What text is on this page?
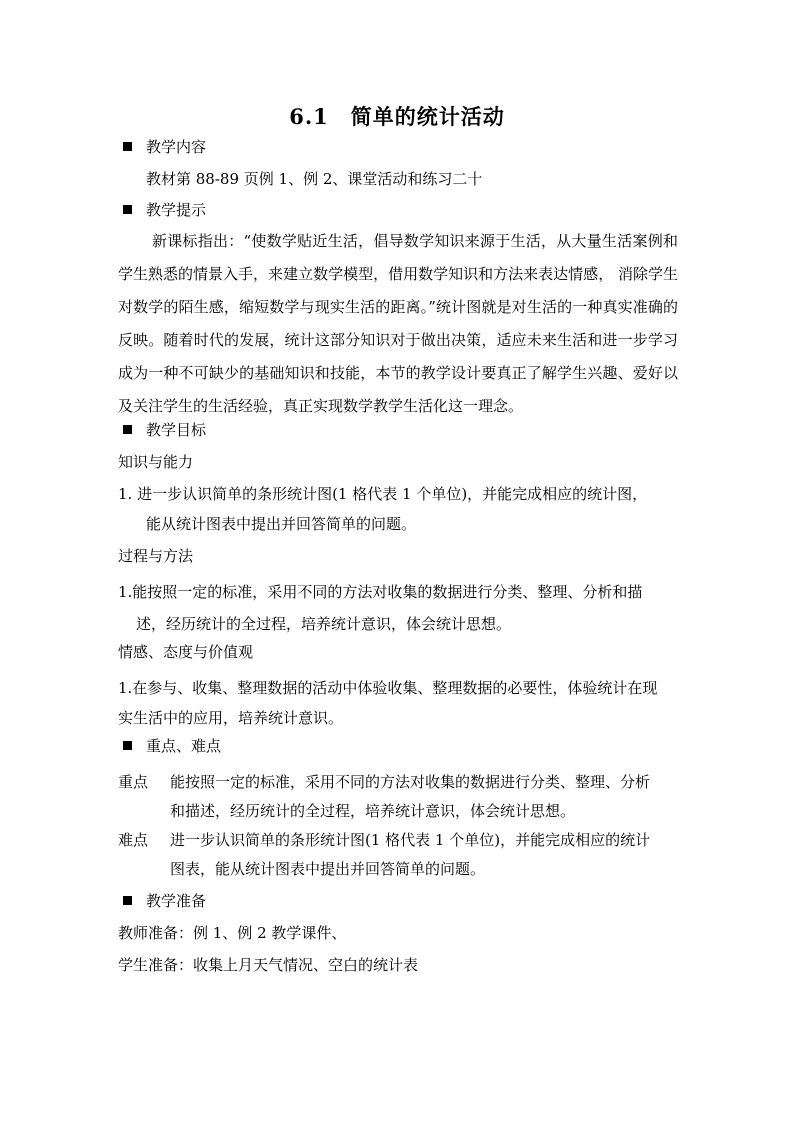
6.1　简单的统计活动
教学内容
教材第 88-89 页例 1、例 2、课堂活动和练习二十
教学提示
新课标指出：“使数学贴近生活，倡导数学知识来源于生活，从大量生活案例和学生熟悉的情景入手，来建立数学模型，借用数学知识和方法来表达情感， 消除学生对数学的陌生感，缩短数学与现实生活的距离。”统计图就是对生活的一种真实准确的反映。随着时代的发展，统计这部分知识对于做出决策，适应未来生活和进一步学习成为一种不可缺少的基础知识和技能，本节的教学设计要真正了解学生兴趣、爱好以及关注学生的生活经验，真正实现数学教学生活化这一理念。
教学目标
知识与能力
1. 进一步认识简单的条形统计图(1 格代表 1 个单位)，并能完成相应的统计图，
能从统计图表中提出并回答简单的问题。
过程与方法
1.能按照一定的标准，采用不同的方法对收集的数据进行分类、整理、分析和描
述，经历统计的全过程，培养统计意识，体会统计思想。
情感、态度与价值观
1.在参与、收集、整理数据的活动中体验收集、整理数据的必要性，体验统计在现
实生活中的应用，培养统计意识。
重点、难点
重点 能按照一定的标准，采用不同的方法对收集的数据进行分类、整理、分析
和描述，经历统计的全过程，培养统计意识，体会统计思想。
难点 进一步认识简单的条形统计图(1 格代表 1 个单位)，并能完成相应的统计
图表，能从统计图表中提出并回答简单的问题。
教学准备
教师准备：例 1、例 2 教学课件、
学生准备：收集上月天气情况、空白的统计表
